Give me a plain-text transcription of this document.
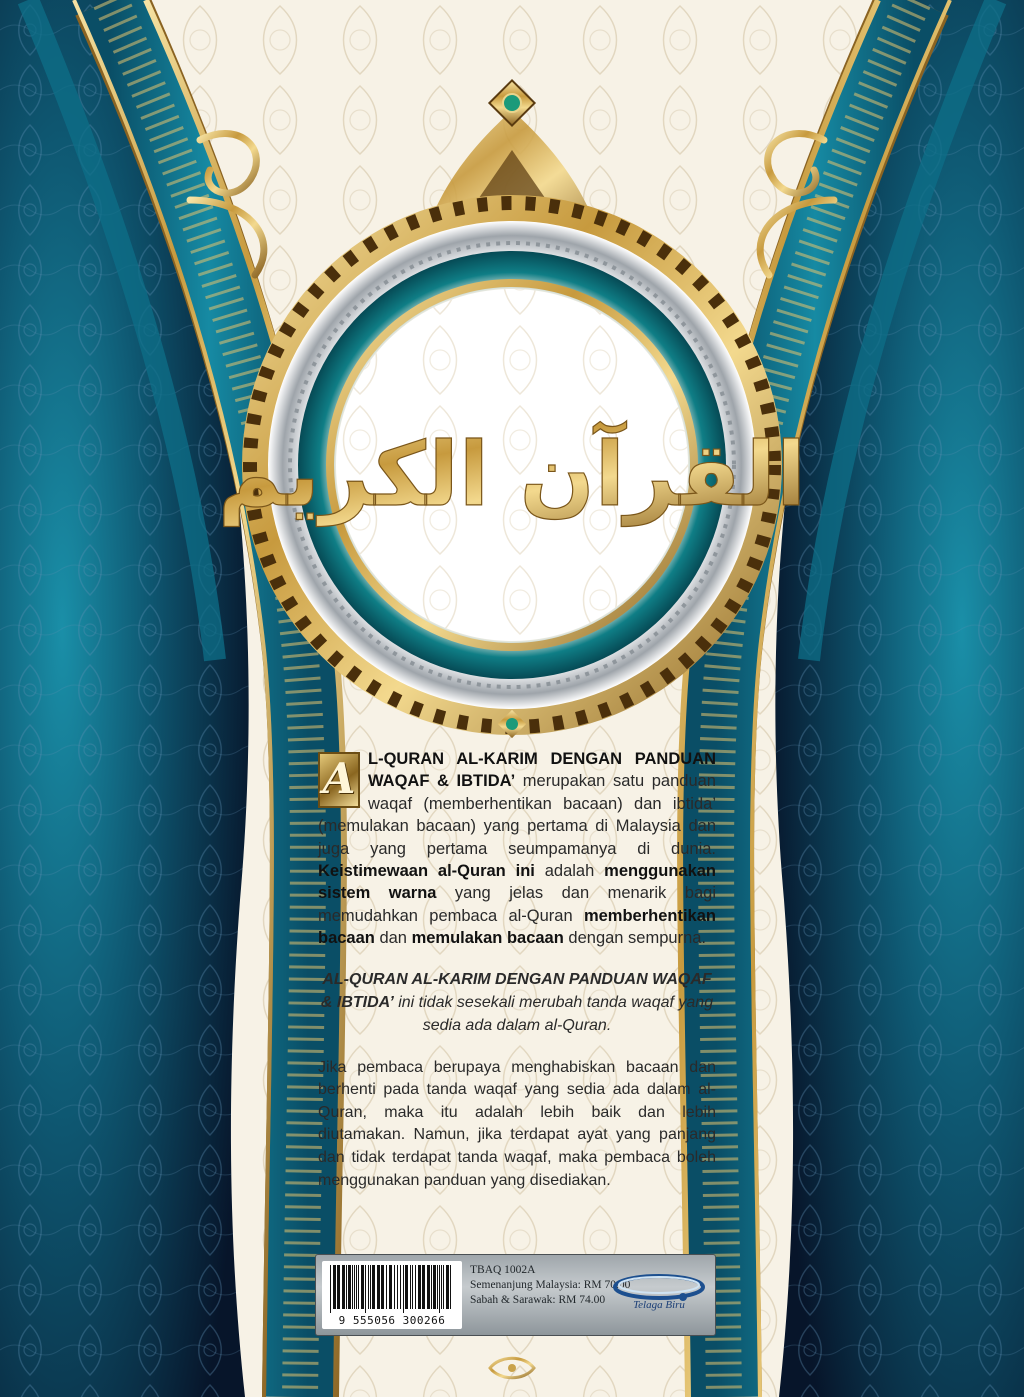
القرآن الكريم

A L-QURAN AL-KARIM DENGAN PANDUAN WAQAF & IBTIDA’ merupakan satu panduan waqaf (memberhentikan bacaan) dan ibtida’ (memulakan bacaan) yang pertama di Malaysia dan juga yang pertama seumpamanya di dunia. Keistimewaan al-Quran ini adalah menggunakan sistem warna yang jelas dan menarik bagi memudahkan pembaca al-Quran memberhentikan bacaan dan memulakan bacaan dengan sempurna.

AL-QURAN AL-KARIM DENGAN PANDUAN WAQAF & IBTIDA’ ini tidak sesekali merubah tanda waqaf yang sedia ada dalam al-Quran.

Jika pembaca berupaya menghabiskan bacaan dan berhenti pada tanda waqaf yang sedia ada dalam al-Quran, maka itu adalah lebih baik dan lebih diutamakan. Namun, jika terdapat ayat yang panjang dan tidak terdapat tanda waqaf, maka pembaca boleh menggunakan panduan yang disediakan.

9 555056 300266
TBAQ 1002A
Semenanjung Malaysia: RM 70.00
Sabah & Sarawak: RM 74.00	Telaga Biru
